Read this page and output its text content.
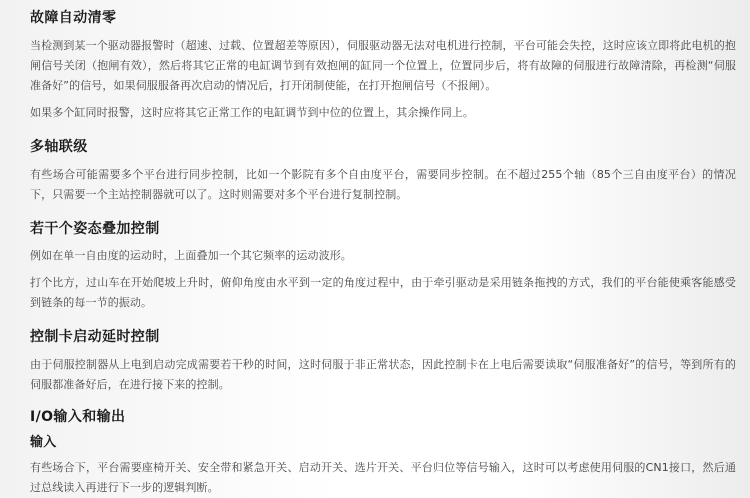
故障自动清零

当检测到某一个驱动器报警时（超速、过载、位置超差等原因），伺服驱动器无法对电机进行控制，平台可能会失控，这时应该立即将此电机的抱闸信号关闭（抱闸有效），然后将其它正常的电缸调节到有效抱闸的缸同一个位置上，位置同步后，将有故障的伺服进行故障清除，再检测“伺服准备好”的信号，如果伺服服备再次启动的情况后，打开闭制使能，在打开抱闸信号（不报闸）。

如果多个缸同时报警，这时应将其它正常工作的电缸调节到中位的位置上，其余操作同上。

多轴联级

有些场合可能需要多个平台进行同步控制，比如一个影院有多个自由度平台，需要同步控制。在不超过255个轴（85个三自由度平台）的情况下，只需要一个主站控制器就可以了。这时则需要对多个平台进行复制控制。

若干个姿态叠加控制

例如在单一自由度的运动时，上面叠加一个其它频率的运动波形。

打个比方，过山车在开始爬坡上升时，俯仰角度由水平到一定的角度过程中，由于牵引驱动是采用链条拖拽的方式，我们的平台能使乘客能感受到链条的每一节的振动。

控制卡启动延时控制

由于伺服控制器从上电到启动完成需要若干秒的时间，这时伺服于非正常状态，因此控制卡在上电后需要读取“伺服准备好”的信号，等到所有的伺服都准备好后，在进行接下来的控制。

I/O输入和输出
输入

有些场合下，平台需要座椅开关、安全带和紧急开关、启动开关、选片开关、平台归位等信号输入，这时可以考虑使用伺服的CN1接口，然后通过总线读入再进行下一步的逻辑判断。
